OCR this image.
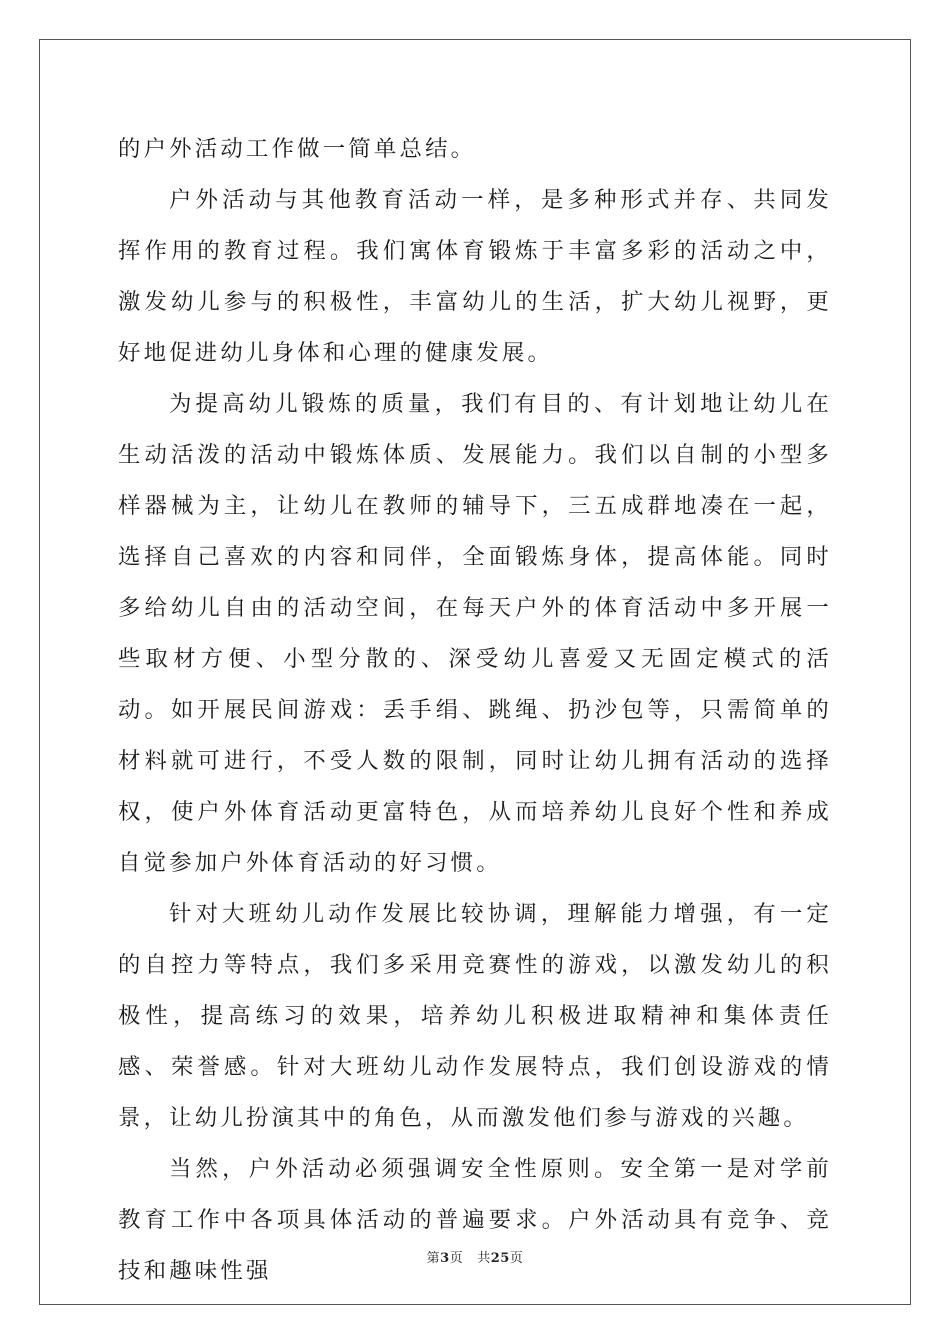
的户外活动工作做一简单总结。

户外活动与其他教育活动一样，是多种形式并存、共同发挥作用的教育过程。我们寓体育锻炼于丰富多彩的活动之中，激发幼儿参与的积极性，丰富幼儿的生活，扩大幼儿视野，更好地促进幼儿身体和心理的健康发展。

为提高幼儿锻炼的质量，我们有目的、有计划地让幼儿在生动活泼的活动中锻炼体质、发展能力。我们以自制的小型多样器械为主，让幼儿在教师的辅导下，三五成群地凑在一起，选择自己喜欢的内容和同伴，全面锻炼身体，提高体能。同时多给幼儿自由的活动空间，在每天户外的体育活动中多开展一些取材方便、小型分散的、深受幼儿喜爱又无固定模式的活动。如开展民间游戏：丢手绢、跳绳、扔沙包等，只需简单的材料就可进行，不受人数的限制，同时让幼儿拥有活动的选择权，使户外体育活动更富特色，从而培养幼儿良好个性和养成自觉参加户外体育活动的好习惯。

针对大班幼儿动作发展比较协调，理解能力增强，有一定的自控力等特点，我们多采用竞赛性的游戏，以激发幼儿的积极性，提高练习的效果，培养幼儿积极进取精神和集体责任感、荣誉感。针对大班幼儿动作发展特点，我们创设游戏的情景，让幼儿扮演其中的角色，从而激发他们参与游戏的兴趣。

当然，户外活动必须强调安全性原则。安全第一是对学前教育工作中各项具体活动的普遍要求。户外活动具有竞争、竞技和趣味性强	第3页 共25页
